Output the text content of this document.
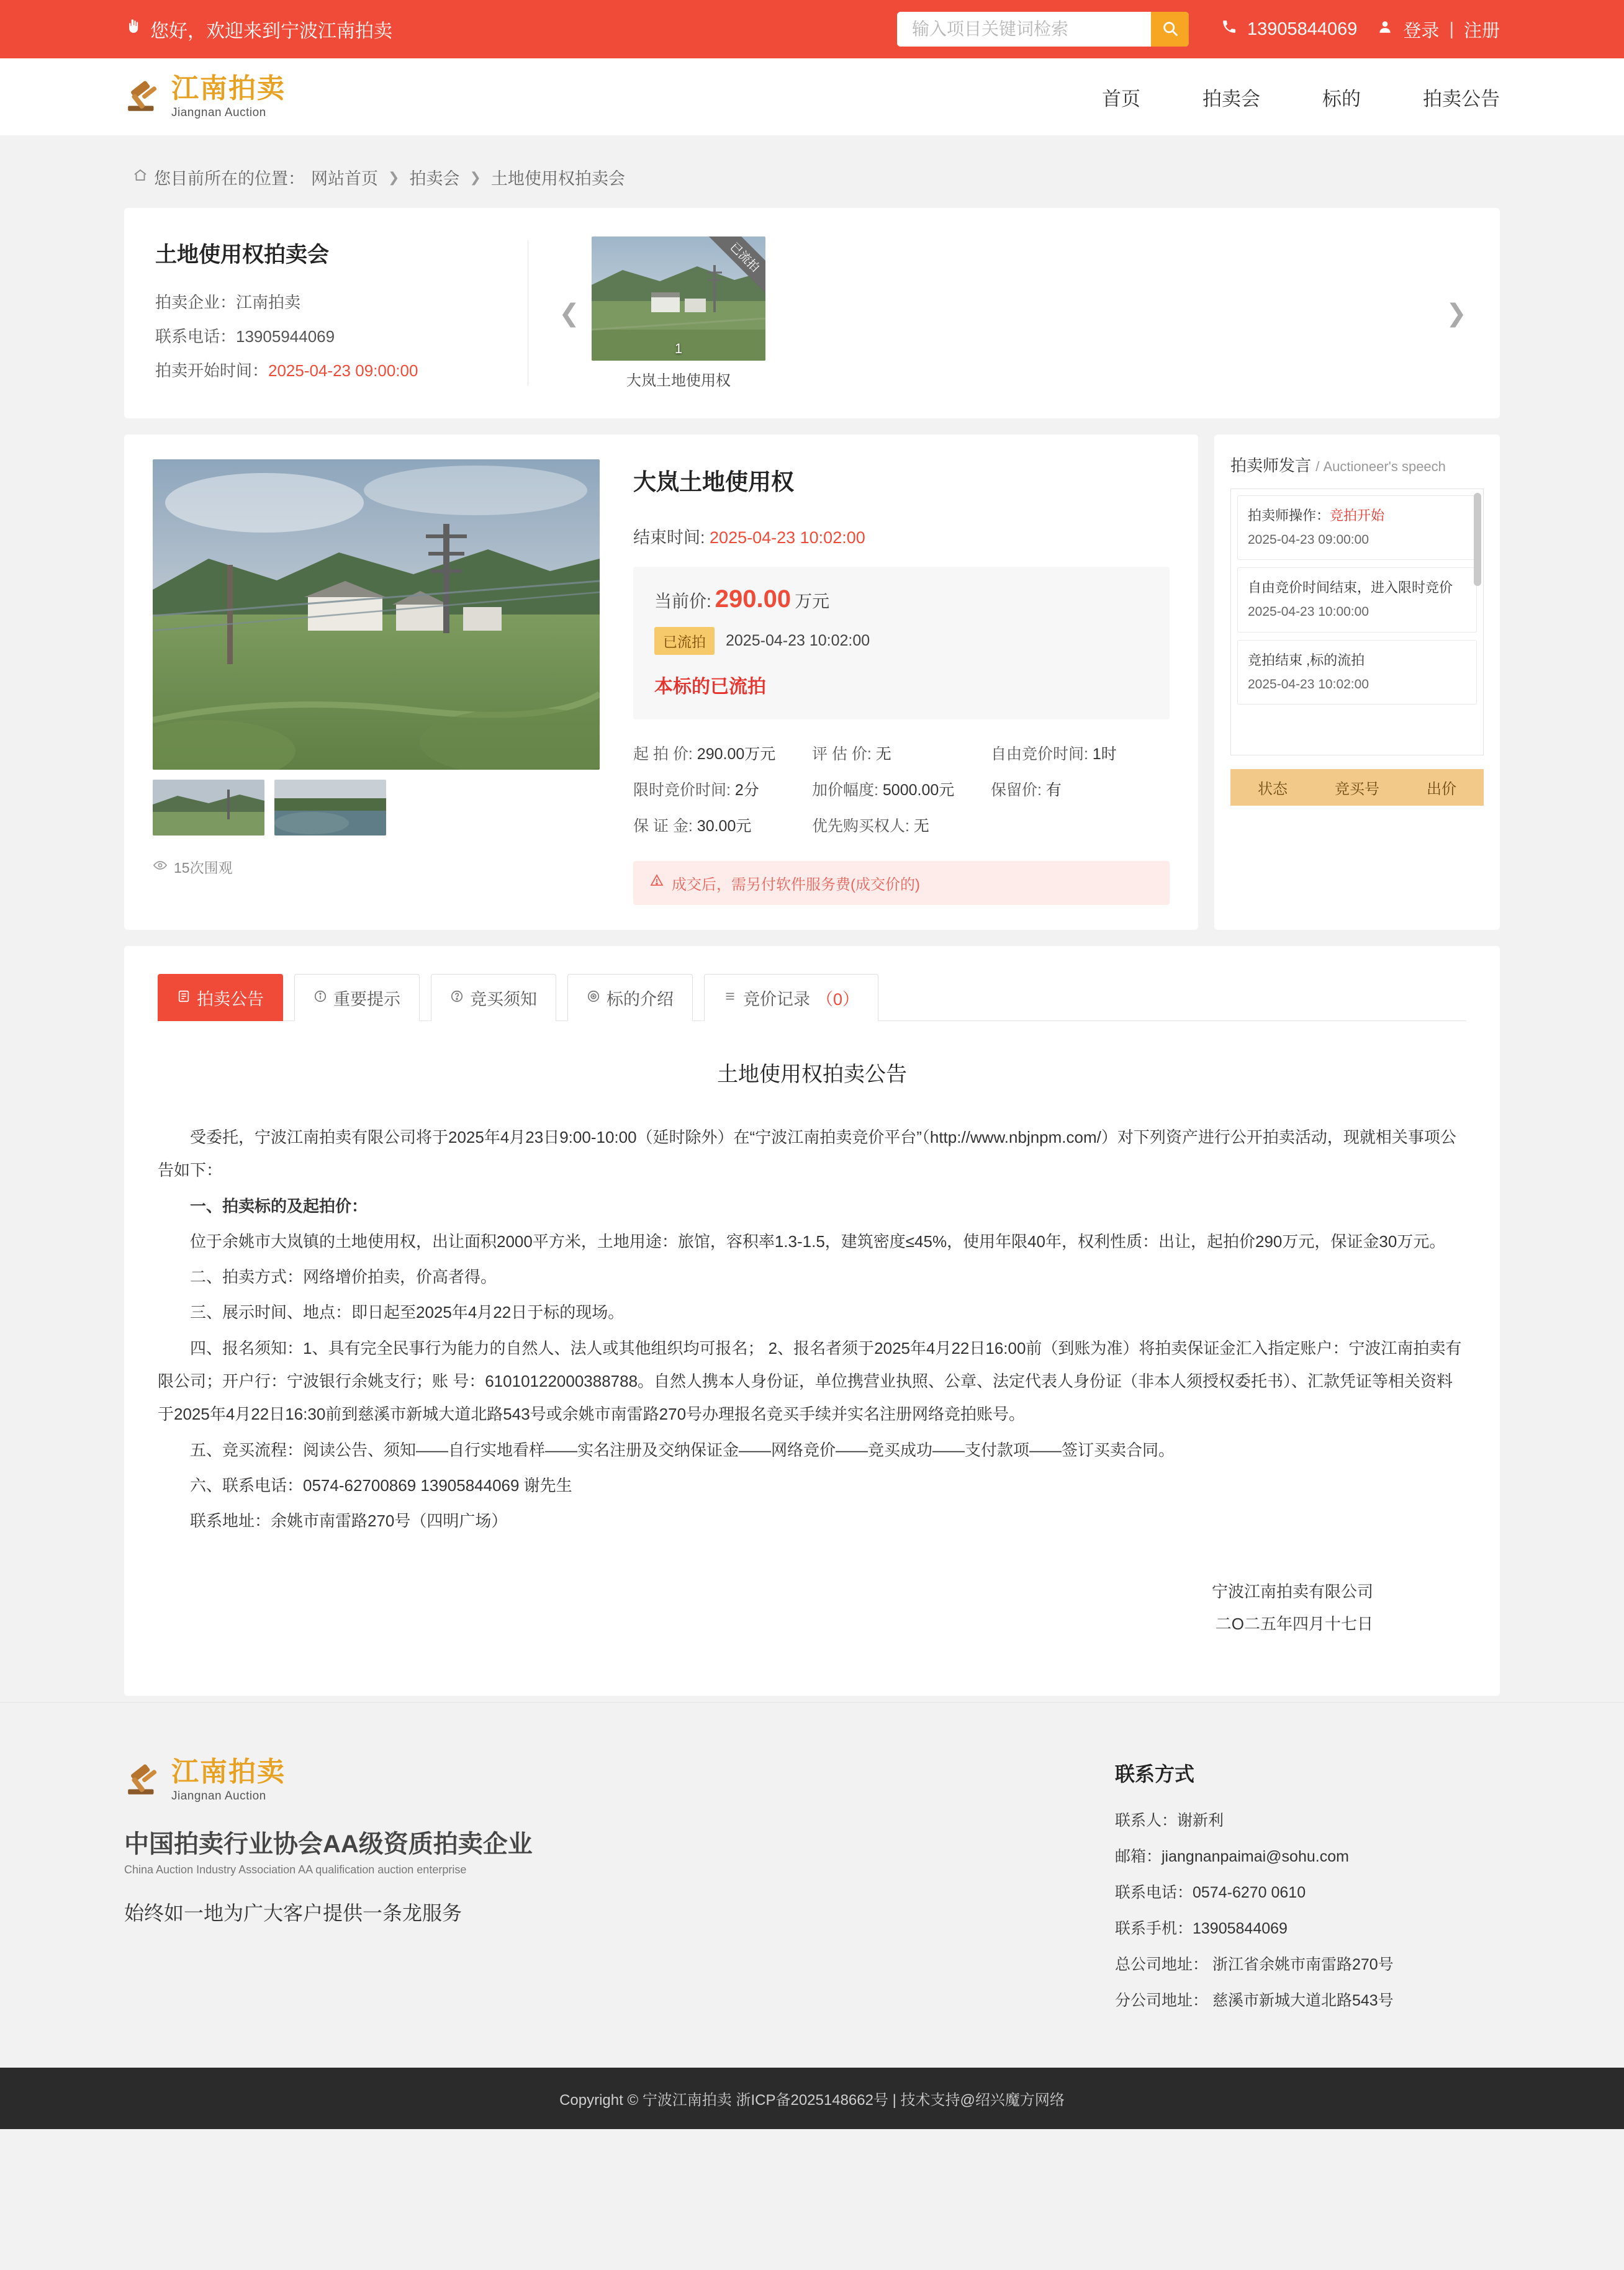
您好，欢迎来到宁波江南拍卖
输入项目关键词检索	13905844069	登录 | 注册
江南拍卖
Jiangnan Auction
首页	拍卖会	标的	拍卖公告
您目前所在的位置： 网站首页 ❯ 拍卖会 ❯ 土地使用权拍卖会
土地使用权拍卖会
拍卖企业：江南拍卖
联系电话：13905944069
拍卖开始时间：2025-04-23 09:00:00
❮
已流拍
1
大岚土地使用权
❯
15次围观
大岚土地使用权
结束时间: 2025-04-23 10:02:00
当前价: 290.00 万元
已流拍	2025-04-23 10:02:00
本标的已流拍
起 拍 价: 290.00万元	评 估 价: 无	自由竞价时间: 1时
限时竞价时间: 2分	加价幅度: 5000.00元	保留价: 有
保 证 金: 30.00元	优先购买权人: 无
成交后，需另付软件服务费(成交价的)
拍卖师发言 / Auctioneer's speech
拍卖师操作：竞拍开始
2025-04-23 09:00:00
自由竞价时间结束，进入限时竞价
2025-04-23 10:00:00
竞拍结束 ,标的流拍
2025-04-23 10:02:00
状态	竞买号	出价
拍卖公告	重要提示	竞买须知	标的介绍	竞价记录 （0）
土地使用权拍卖公告

受委托，宁波江南拍卖有限公司将于2025年4月23日9:00-10:00（延时除外）在“宁波江南拍卖竞价平台”（http://www.nbjnpm.com/）对下列资产进行公开拍卖活动，现就相关事项公告如下：

一、拍卖标的及起拍价：

位于余姚市大岚镇的土地使用权，出让面积2000平方米，土地用途：旅馆，容积率1.3-1.5，建筑密度≤45%，使用年限40年，权利性质：出让，起拍价290万元，保证金30万元。

二、拍卖方式：网络增价拍卖，价高者得。

三、展示时间、地点：即日起至2025年4月22日于标的现场。

四、报名须知：1、具有完全民事行为能力的自然人、法人或其他组织均可报名； 2、报名者须于2025年4月22日16:00前（到账为准）将拍卖保证金汇入指定账户：宁波江南拍卖有限公司；开户行：宁波银行余姚支行；账 号：61010122000388788。自然人携本人身份证，单位携营业执照、公章、法定代表人身份证（非本人须授权委托书）、汇款凭证等相关资料于2025年4月22日16:30前到慈溪市新城大道北路543号或余姚市南雷路270号办理报名竞买手续并实名注册网络竞拍账号。

五、竞买流程：阅读公告、须知——自行实地看样——实名注册及交纳保证金——网络竞价——竞买成功——支付款项——签订买卖合同。

六、联系电话：0574-62700869 13905844069 谢先生

联系地址：余姚市南雷路270号（四明广场）

宁波江南拍卖有限公司
二О二五年四月十七日
江南拍卖
Jiangnan Auction
中国拍卖行业协会AA级资质拍卖企业
China Auction Industry Association AA qualification auction enterprise
始终如一地为广大客户提供一条龙服务
联系方式
联系人：谢新利
邮箱：jiangnanpaimai@sohu.com
联系电话：0574-6270 0610
联系手机：13905844069
总公司地址： 浙江省余姚市南雷路270号
分公司地址： 慈溪市新城大道北路543号
Copyright © 宁波江南拍卖 浙ICP备2025148662号 | 技术支持@绍兴魔方网络
